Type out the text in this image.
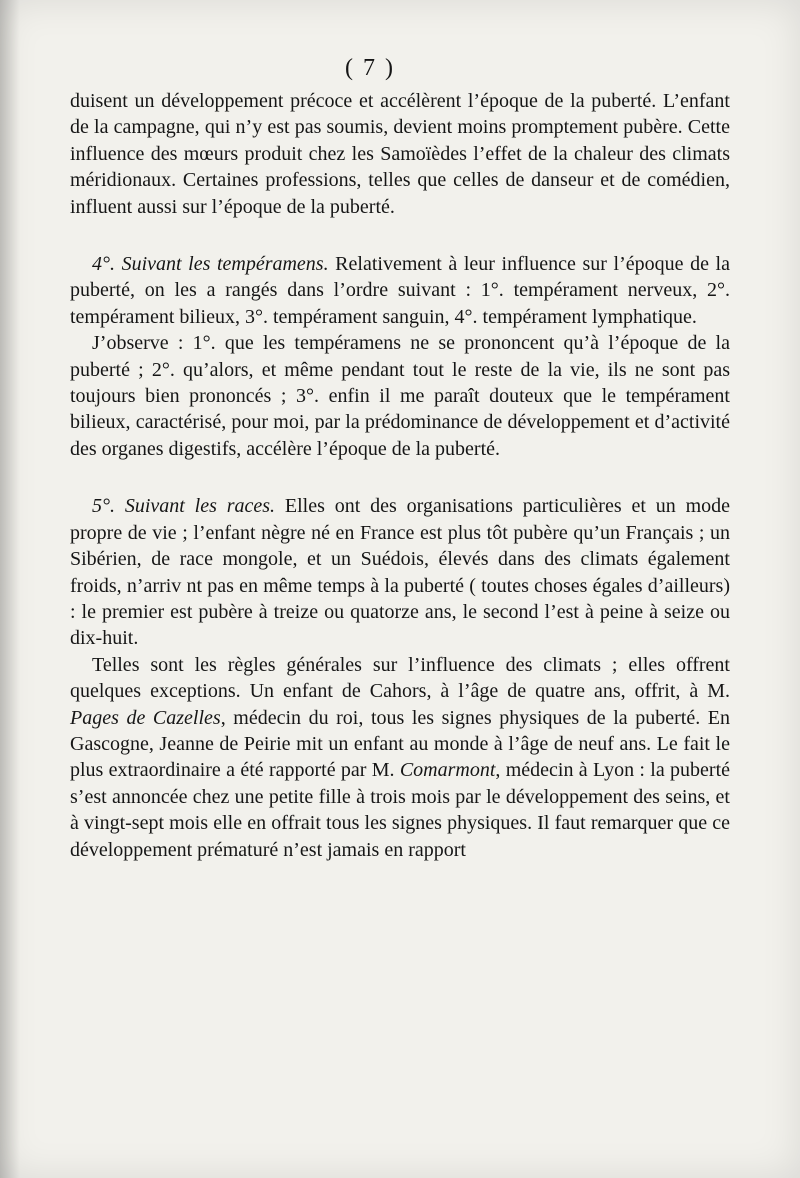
( 7 )

duisent un développement précoce et accélèrent l’époque de la puberté. L’enfant de la campagne, qui n’y est pas soumis, devient moins promptement pubère. Cette influence des mœurs produit chez les Samoïèdes l’effet de la chaleur des climats méridionaux. Certaines professions, telles que celles de danseur et de comédien, influent aussi sur l’époque de la puberté.

4°. Suivant les tempéramens. Relativement à leur influence sur l’époque de la puberté, on les a rangés dans l’ordre suivant : 1°. tempérament nerveux, 2°. tempérament bilieux, 3°. tempérament sanguin, 4°. tempérament lymphatique.

J’observe : 1°. que les tempéramens ne se prononcent qu’à l’époque de la puberté ; 2°. qu’alors, et même pendant tout le reste de la vie, ils ne sont pas toujours bien prononcés ; 3°. enfin il me paraît douteux que le tempérament bilieux, caractérisé, pour moi, par la prédominance de développement et d’activité des organes digestifs, accélère l’époque de la puberté.

5°. Suivant les races. Elles ont des organisations particulières et un mode propre de vie ; l’enfant nègre né en France est plus tôt pubère qu’un Français ; un Sibérien, de race mongole, et un Suédois, élevés dans des climats également froids, n’arriv nt pas en même temps à la puberté ( toutes choses égales d’ailleurs) : le premier est pubère à treize ou quatorze ans, le second l’est à peine à seize ou dix-huit.

Telles sont les règles générales sur l’influence des climats ; elles offrent quelques exceptions. Un enfant de Cahors, à l’âge de quatre ans, offrit, à M. Pages de Cazelles, médecin du roi, tous les signes physiques de la puberté. En Gascogne, Jeanne de Peirie mit un enfant au monde à l’âge de neuf ans. Le fait le plus extraordinaire a été rapporté par M. Comarmont, médecin à Lyon : la puberté s’est annoncée chez une petite fille à trois mois par le développement des seins, et à vingt-sept mois elle en offrait tous les signes physiques. Il faut remarquer que ce développement prématuré n’est jamais en rapport
